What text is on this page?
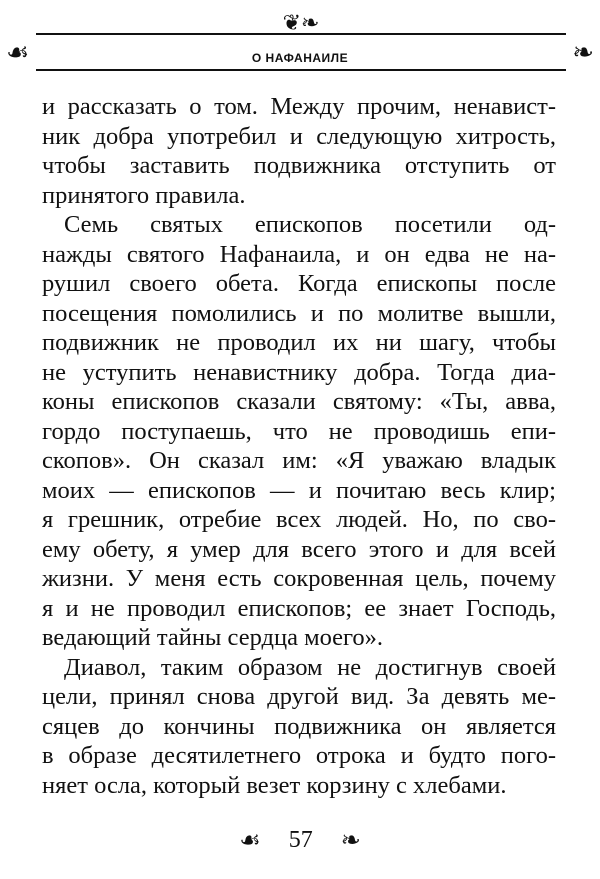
❦❧
☙	❧
О НАФАНАИЛЕ
и рассказать о том. Между прочим, ненавист-
ник добра употребил и следующую хитрость,
чтобы заставить подвижника отступить от
принятого правила.
Семь святых епископов посетили од-
нажды святого Нафанаила, и он едва не на-
рушил своего обета. Когда епископы после
посещения помолились и по молитве вышли,
подвижник не проводил их ни шагу, чтобы
не уступить ненавистнику добра. Тогда диа-
коны епископов сказали святому: «Ты, авва,
гордо поступаешь, что не проводишь епи-
скопов». Он сказал им: «Я уважаю владык
моих — епископов — и почитаю весь клир;
я грешник, отребие всех людей. Но, по сво-
ему обету, я умер для всего этого и для всей
жизни. У меня есть сокровенная цель, почему
я и не проводил епископов; ее знает Господь,
ведающий тайны сердца моего».
Диавол, таким образом не достигнув своей
цели, принял снова другой вид. За девять ме-
сяцев до кончины подвижника он является
в образе десятилетнего отрока и будто пого-
няет осла, который везет корзину с хлебами.
☙ 57 ❧
